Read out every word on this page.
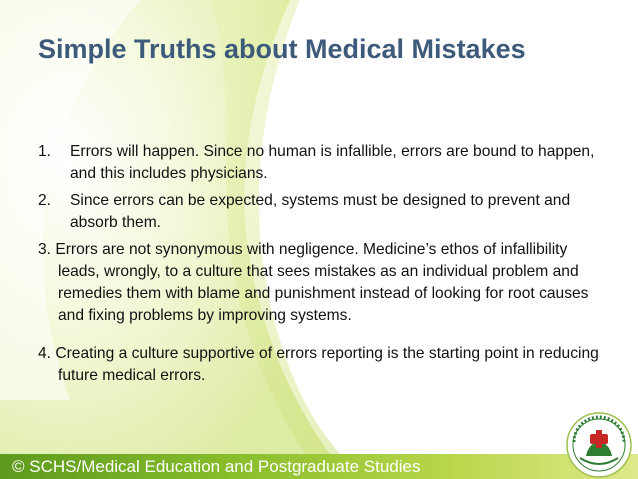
Simple Truths about Medical Mistakes
1.	Errors will happen. Since no human is infallible, errors are bound to happen, and this includes physicians.
2.	Since errors can be expected, systems must be designed to prevent and absorb them.
3. Errors are not synonymous with negligence. Medicine’s ethos of infallibility leads, wrongly, to a culture that sees mistakes as an individual problem and remedies them with blame and punishment instead of looking for root causes and fixing problems by improving systems.
4. Creating a culture supportive of errors reporting is the starting point in reducing future medical errors.
© SCHS/Medical Education and Postgraduate Studies
